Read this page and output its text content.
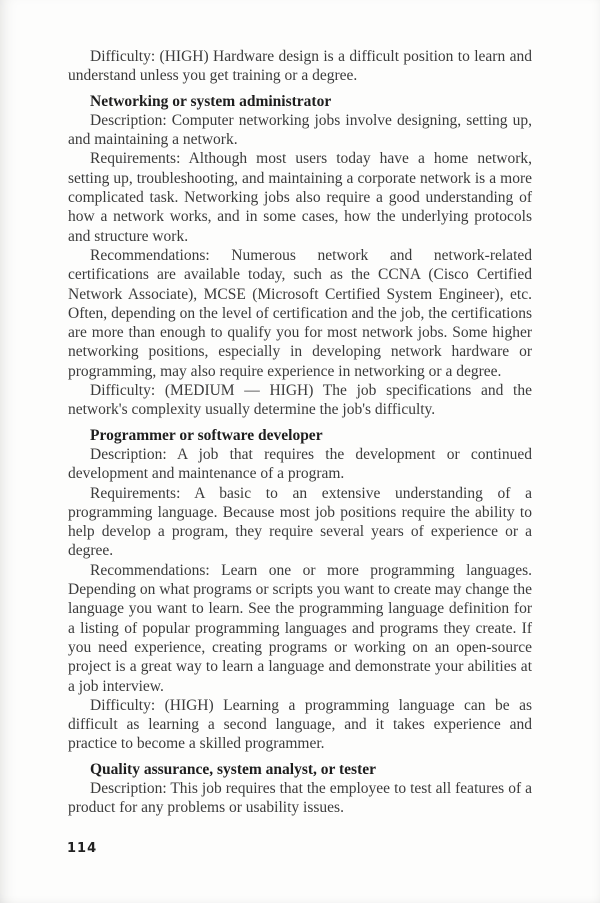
Difficulty: (HIGH) Hardware design is a difficult position to learn and understand unless you get training or a degree.

Networking or system administrator

Description: Computer networking jobs involve designing, setting up, and maintaining a network.

Requirements: Although most users today have a home network, setting up, troubleshooting, and maintaining a corporate network is a more complicated task. Networking jobs also require a good understanding of how a network works, and in some cases, how the underlying protocols and structure work.

Recommendations: Numerous network and network-related certifications are available today, such as the CCNA (Cisco Certified Network Associate), MCSE (Microsoft Certified System Engineer), etc. Often, depending on the level of certification and the job, the certifications are more than enough to qualify you for most network jobs. Some higher networking positions, especially in developing network hardware or programming, may also require experience in networking or a degree.

Difficulty: (MEDIUM — HIGH) The job specifications and the network's complexity usually determine the job's difficulty.

Programmer or software developer

Description: A job that requires the development or continued development and maintenance of a program.

Requirements: A basic to an extensive understanding of a programming language. Because most job positions require the ability to help develop a program, they require several years of experience or a degree.

Recommendations: Learn one or more programming languages. Depending on what programs or scripts you want to create may change the language you want to learn. See the programming language definition for a listing of popular programming languages and programs they create. If you need experience, creating programs or working on an open-source project is a great way to learn a language and demonstrate your abilities at a job interview.

Difficulty: (HIGH) Learning a programming language can be as difficult as learning a second language, and it takes experience and practice to become a skilled programmer.

Quality assurance, system analyst, or tester

Description: This job requires that the employee to test all features of a product for any problems or usability issues.

114
